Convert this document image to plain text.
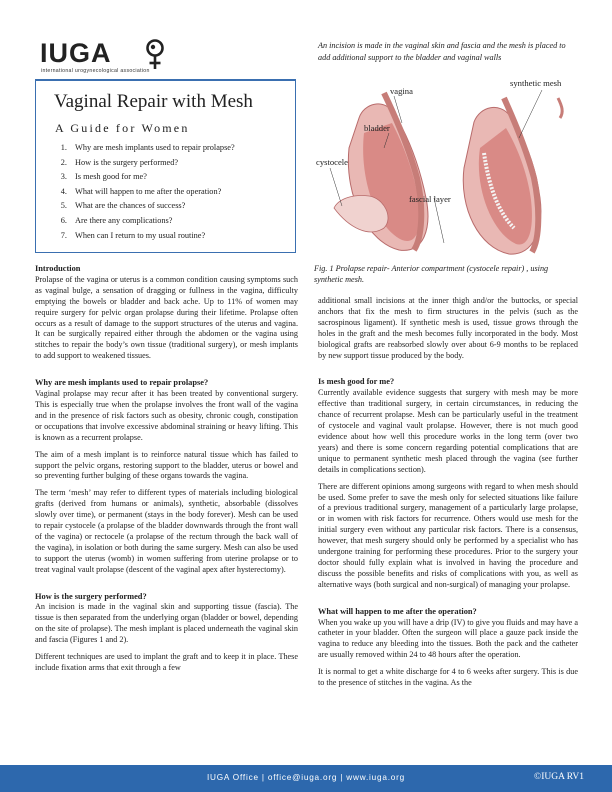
IUGA
international urogynecological association
Vaginal Repair with Mesh
A Guide for Women
1. Why are mesh implants used to repair prolapse?
2. How is the surgery performed?
3. Is mesh good for me?
4. What will happen to me after the operation?
5. What are the chances of success?
6. Are there any complications?
7. When can I return to my usual routine?
An incision is made in the vaginal skin and fascia and the mesh is placed to add additional support to the bladder and vaginal walls
vagina
bladder
cystocele
synthetic mesh
fascial layer
Fig. 1 Prolapse repair- Anterior compartment (cystocele repair) , using synthetic mesh.
Introduction

Prolapse of the vagina or uterus is a common condition causing symptoms such as vaginal bulge, a sensation of dragging or fullness in the vagina, difficulty emptying the bowels or bladder and back ache. Up to 11% of women may require surgery for pelvic organ prolapse during their lifetime. Prolapse often occurs as a result of damage to the support structures of the uterus and vagina. It can be surgically repaired either through the abdomen or the vagina using stitches to repair the body’s own tissue (traditional surgery), or mesh implants to add support to weakened tissues.

Why are mesh implants used to repair prolapse?

Vaginal prolapse may recur after it has been treated by conventional surgery. This is especially true when the prolapse involves the front wall of the vagina and in the presence of risk factors such as obesity, chronic cough, constipation or occupations that involve excessive abdominal straining or heavy lifting. This is known as a recurrent prolapse.

The aim of a mesh implant is to reinforce natural tissue which has failed to support the pelvic organs, restoring support to the bladder, uterus or bowel and so preventing further bulging of these organs towards the vagina.

The term ‘mesh’ may refer to different types of materials including biological grafts (derived from humans or animals), synthetic, absorbable (dissolves slowly over time), or permanent (stays in the body forever). Mesh can be used to repair cystocele (a prolapse of the bladder downwards through the front wall of the vagina) or rectocele (a prolapse of the rectum through the back wall of the vagina), in isolation or both during the same surgery. Mesh can also be used to support the uterus (womb) in women suffering from uterine prolapse or to treat vaginal vault prolapse (descent of the vaginal apex after hysterectomy).

How is the surgery performed?

An incision is made in the vaginal skin and supporting tissue (fascia). The tissue is then separated from the underlying organ (bladder or bowel, depending on the site of prolapse). The mesh implant is placed underneath the vaginal skin and fascia (Figures 1 and 2).

Different techniques are used to implant the graft and to keep it in place. These include fixation arms that exit through a few

additional small incisions at the inner thigh and/or the buttocks, or special anchors that fix the mesh to firm structures in the pelvis (such as the sacrospinous ligament). If synthetic mesh is used, tissue grows through the holes in the graft and the mesh becomes fully incorporated in the body. Most biological grafts are reabsorbed slowly over about 6-9 months to be replaced by new support tissue produced by the body.

Is mesh good for me?

Currently available evidence suggests that surgery with mesh may be more effective than traditional surgery, in certain circumstances, in reducing the chance of recurrent prolapse. Mesh can be particularly useful in the treatment of cystocele and vaginal vault prolapse. However, there is not much good evidence about how well this procedure works in the long term (over two years) and there is some concern regarding potential complications that are unique to permanent synthetic mesh placed through the vagina (see further details in complications section).

There are different opinions among surgeons with regard to when mesh should be used. Some prefer to save the mesh only for selected situations like failure of a previous traditional surgery, management of a particularly large prolapse, or in women with risk factors for recurrence. Others would use mesh for the initial surgery even without any particular risk factors. There is a consensus, however, that mesh surgery should only be performed by a specialist who has undergone training for performing these procedures. Prior to the surgery your doctor should fully explain what is involved in having the procedure and discuss the possible benefits and risks of complications with you, as well as alternative ways (both surgical and non-surgical) of managing your prolapse.

What will happen to me after the operation?

When you wake up you will have a drip (IV) to give you fluids and may have a catheter in your bladder. Often the surgeon will place a gauze pack inside the vagina to reduce any bleeding into the tissues. Both the pack and the catheter are usually removed within 24 to 48 hours after the operation.

It is normal to get a white discharge for 4 to 6 weeks after surgery. This is due to the presence of stitches in the vagina. As the

IUGA Office | office@iuga.org | www.iuga.org	©IUGA RV1
